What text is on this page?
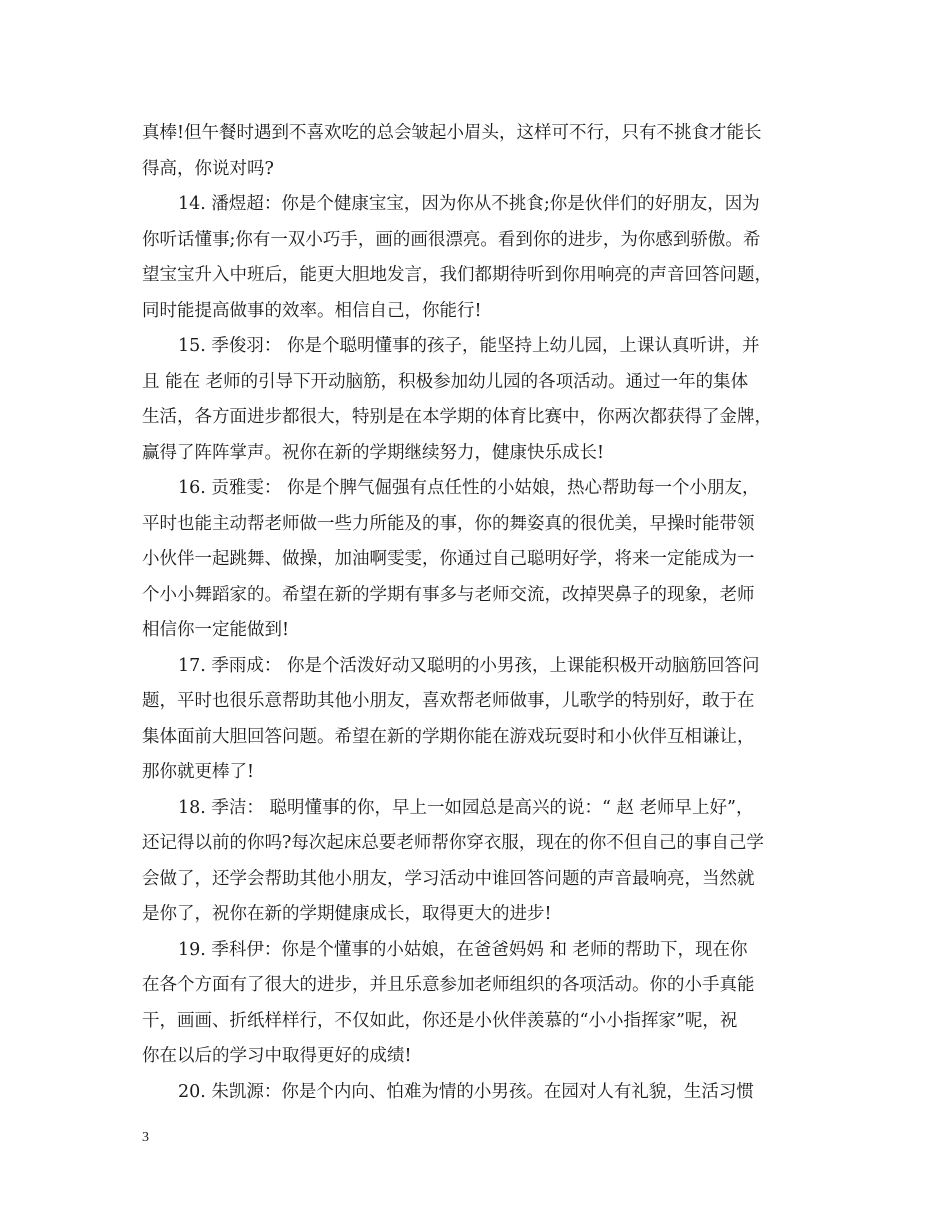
真棒!但午餐时遇到不喜欢吃的总会皱起小眉头，这样可不行，只有不挑食才能长
得高，你说对吗?
14. 潘煜超：你是个健康宝宝，因为你从不挑食;你是伙伴们的好朋友，因为
你听话懂事;你有一双小巧手，画的画很漂亮。看到你的进步，为你感到骄傲。希
望宝宝升入中班后，能更大胆地发言，我们都期待听到你用响亮的声音回答问题，
同时能提高做事的效率。相信自己，你能行!
15. 季俊羽： 你是个聪明懂事的孩子，能坚持上幼儿园，上课认真听讲，并
且 能在 老师的引导下开动脑筋，积极参加幼儿园的各项活动。通过一年的集体
生活，各方面进步都很大，特别是在本学期的体育比赛中，你两次都获得了金牌，
赢得了阵阵掌声。祝你在新的学期继续努力，健康快乐成长!
16. 贡雅雯： 你是个脾气倔强有点任性的小姑娘，热心帮助每一个小朋友，
平时也能主动帮老师做一些力所能及的事，你的舞姿真的很优美，早操时能带领
小伙伴一起跳舞、做操，加油啊雯雯，你通过自己聪明好学，将来一定能成为一
个小小舞蹈家的。希望在新的学期有事多与老师交流，改掉哭鼻子的现象，老师
相信你一定能做到!
17. 季雨成： 你是个活泼好动又聪明的小男孩，上课能积极开动脑筋回答问
题，平时也很乐意帮助其他小朋友，喜欢帮老师做事，儿歌学的特别好，敢于在
集体面前大胆回答问题。希望在新的学期你能在游戏玩耍时和小伙伴互相谦让，
那你就更棒了!
18. 季洁： 聪明懂事的你，早上一如园总是高兴的说：“ 赵 老师早上好”，
还记得以前的你吗?每次起床总要老师帮你穿衣服，现在的你不但自己的事自己学
会做了，还学会帮助其他小朋友，学习活动中谁回答问题的声音最响亮，当然就
是你了，祝你在新的学期健康成长，取得更大的进步!
19. 季科伊：你是个懂事的小姑娘，在爸爸妈妈 和 老师的帮助下，现在你
在各个方面有了很大的进步，并且乐意参加老师组织的各项活动。你的小手真能
干，画画、折纸样样行，不仅如此，你还是小伙伴羡慕的“小小指挥家”呢，祝
你在以后的学习中取得更好的成绩!
20. 朱凯源：你是个内向、怕难为情的小男孩。在园对人有礼貌，生活习惯
3
